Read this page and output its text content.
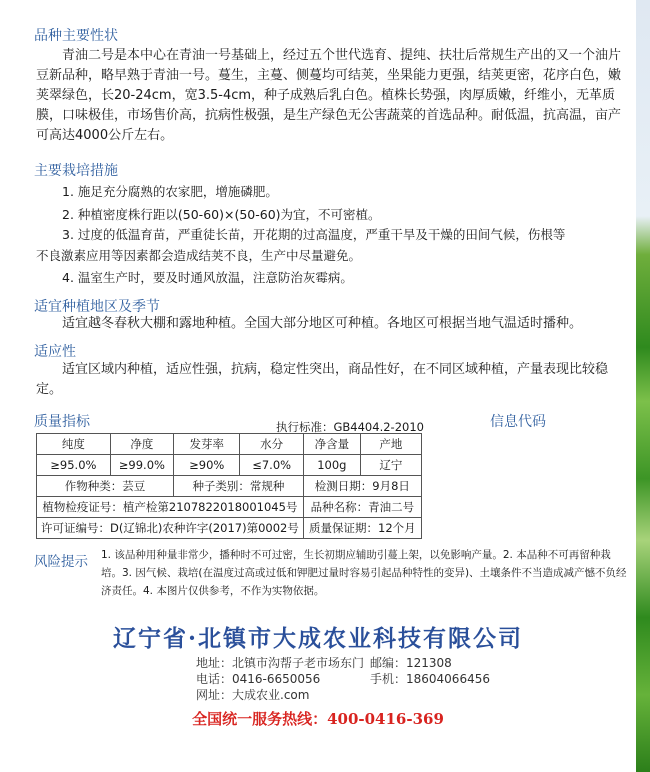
品种主要性状

青油二号是本中心在青油一号基础上，经过五个世代选育、提纯、扶壮后常规生产出的又一个油片豆新品种，略早熟于青油一号。蔓生，主蔓、侧蔓均可结荚，坐果能力更强，结荚更密，花序白色，嫩荚翠绿色，长20-24cm，宽3.5-4cm，种子成熟后乳白色。植株长势强，肉厚质嫩，纤维小，无革质膜，口味极佳，市场售价高，抗病性极强，是生产绿色无公害蔬菜的首选品种。耐低温，抗高温，亩产可高达4000公斤左右。

主要栽培措施

1. 施足充分腐熟的农家肥，增施磷肥。

2. 种植密度株行距以(50-60)×(50-60)为宜，不可密植。

3. 过度的低温育苗，严重徒长苗，开花期的过高温度，严重干旱及干燥的田间气候，伤根等

不良激素应用等因素都会造成结荚不良，生产中尽量避免。

4. 温室生产时，要及时通风放温，注意防治灰霉病。

适宜种植地区及季节

适宜越冬春秋大棚和露地种植。全国大部分地区可种植。各地区可根据当地气温适时播种。

适应性

适宜区域内种植，适应性强，抗病，稳定性突出，商品性好，在不同区域种植，产量表现比较稳定。

质量指标	信息代码
执行标准：GB4404.2-2010
纯度	净度	发芽率	水分	净含量	产地
≥95.0%	≥99.0%	≥90%	≤7.0%	100g	辽宁
作物种类：芸豆		种子类别：常规种		检测日期：9月8日	
植物检疫证号：植产检第2107822018001045号				品种名称：青油二号	
许可证编号：D(辽锦北)农种许字(2017)第0002号				质量保证期：12个月	
风险提示 1. 该品种用种量非常少，播种时不可过密，生长初期应辅助引蔓上架，以免影响产量。2. 本品种不可再留种栽培。3. 因气候、栽培(在温度过高或过低和钾肥过量时容易引起品种特性的变异)、土壤条件不当造成减产憾不负经济责任。4. 本图片仅供参考，不作为实物依据。

辽宁省·北镇市大成农业科技有限公司
地址：北镇市沟帮子老市场东门 邮编：121308
电话：0416-6650056	手机：18604066456
网址：大成农业.com
全国统一服务热线：400-0416-369
